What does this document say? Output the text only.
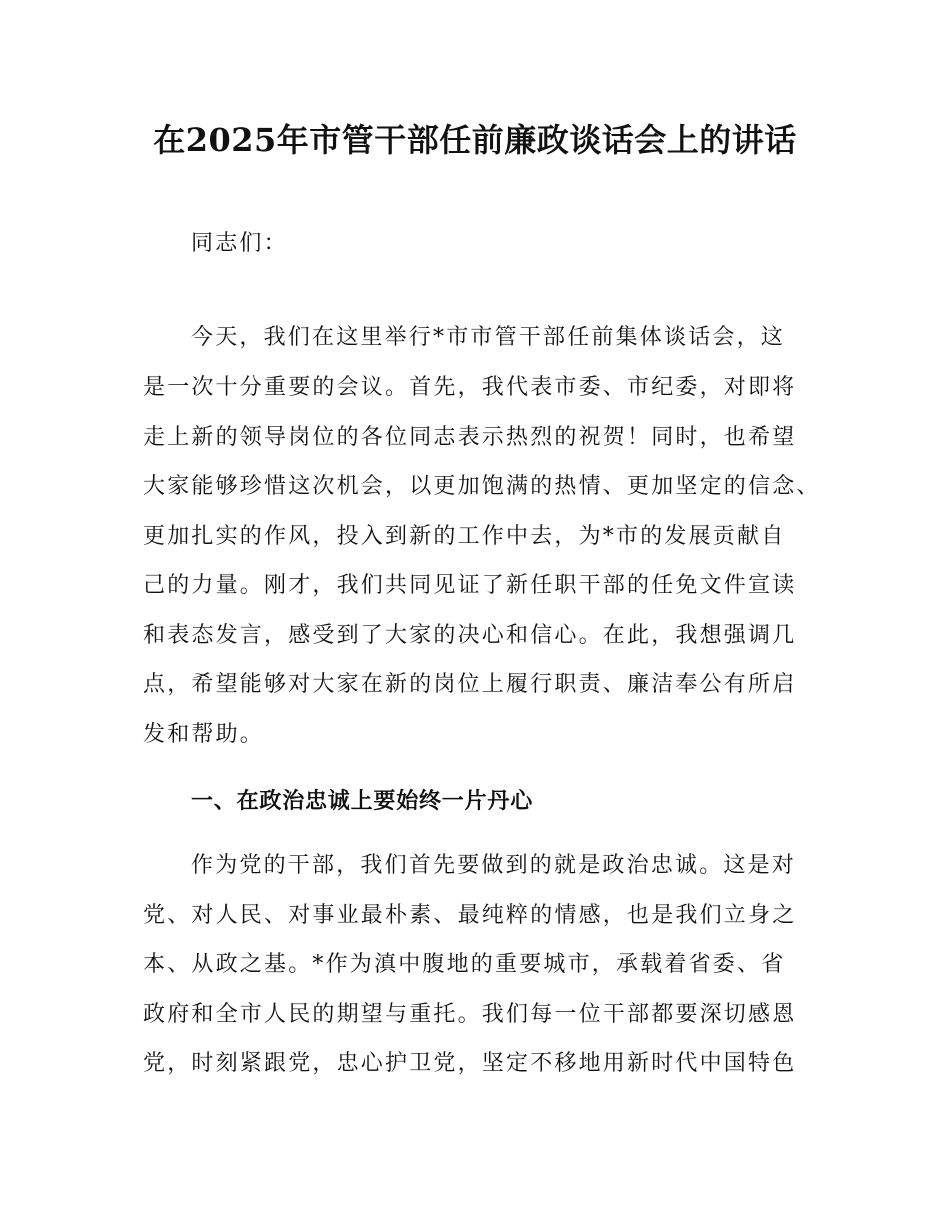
在2025年市管干部任前廉政谈话会上的讲话

同志们：

今天，我们在这里举行*市市管干部任前集体谈话会，这

是一次十分重要的会议。首先，我代表市委、市纪委，对即将

走上新的领导岗位的各位同志表示热烈的祝贺！同时，也希望

大家能够珍惜这次机会，以更加饱满的热情、更加坚定的信念、

更加扎实的作风，投入到新的工作中去，为*市的发展贡献自

己的力量。刚才，我们共同见证了新任职干部的任免文件宣读

和表态发言，感受到了大家的决心和信心。在此，我想强调几

点，希望能够对大家在新的岗位上履行职责、廉洁奉公有所启

发和帮助。

一、在政治忠诚上要始终一片丹心

作为党的干部，我们首先要做到的就是政治忠诚。这是对

党、对人民、对事业最朴素、最纯粹的情感，也是我们立身之

本、从政之基。*作为滇中腹地的重要城市，承载着省委、省

政府和全市人民的期望与重托。我们每一位干部都要深切感恩

党，时刻紧跟党，忠心护卫党，坚定不移地用新时代中国特色
